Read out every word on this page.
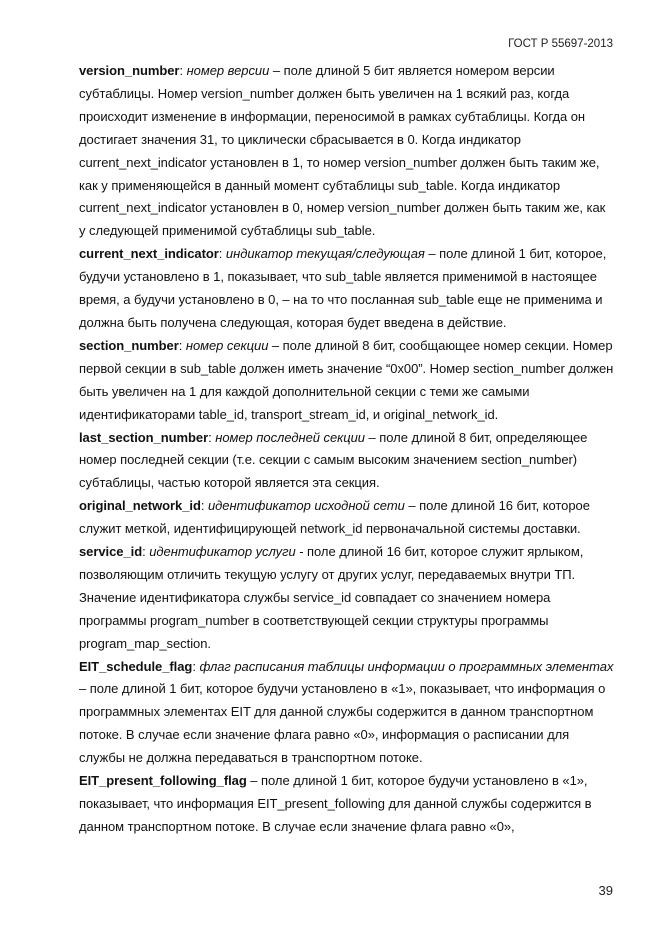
ГОСТ Р 55697-2013

version_number: номер версии – поле длиной 5 бит является номером версии субтаблицы. Номер version_number должен быть увеличен на 1 всякий раз, когда происходит изменение в информации, переносимой в рамках субтаблицы. Когда он достигает значения 31, то циклически сбрасывается в 0. Когда индикатор current_next_indicator установлен в 1, то номер version_number должен быть таким же, как у применяющейся в данный момент субтаблицы sub_table. Когда индикатор current_next_indicator установлен в 0, номер version_number должен быть таким же, как у следующей применимой субтаблицы sub_table.

current_next_indicator: индикатор текущая/следующая – поле длиной 1 бит, которое, будучи установлено в 1, показывает, что sub_table является применимой в настоящее время, а будучи установлено в 0, – на то что посланная sub_table еще не применима и должна быть получена следующая, которая будет введена в действие.

section_number: номер секции – поле длиной 8 бит, сообщающее номер секции. Номер первой секции в sub_table должен иметь значение “0x00”. Номер section_number должен быть увеличен на 1 для каждой дополнительной секции с теми же самыми идентификаторами table_id, transport_stream_id, и original_network_id.

last_section_number: номер последней секции – поле длиной 8 бит, определяющее номер последней секции (т.е. секции с самым высоким значением section_number) субтаблицы, частью которой является эта секция.

original_network_id: идентификатор исходной сети – поле длиной 16 бит, которое служит меткой, идентифицирующей network_id первоначальной системы доставки.

service_id: идентификатор услуги - поле длиной 16 бит, которое служит ярлыком, позволяющим отличить текущую услугу от других услуг, передаваемых внутри ТП. Значение идентификатора службы service_id совпадает со значением номера программы program_number в соответствующей секции структуры программы program_map_section.

EIT_schedule_flag: флаг расписания таблицы информации о программных элементах – поле длиной 1 бит, которое будучи установлено в «1», показывает, что информация о программных элементах EIT для данной службы содержится в данном транспортном потоке. В случае если значение флага равно «0», информация о расписании для службы не должна передаваться в транспортном потоке.

EIT_present_following_flag – поле длиной 1 бит, которое будучи установлено в «1», показывает, что информация EIT_present_following для данной службы содержится в данном транспортном потоке. В случае если значение флага равно «0»,

39
